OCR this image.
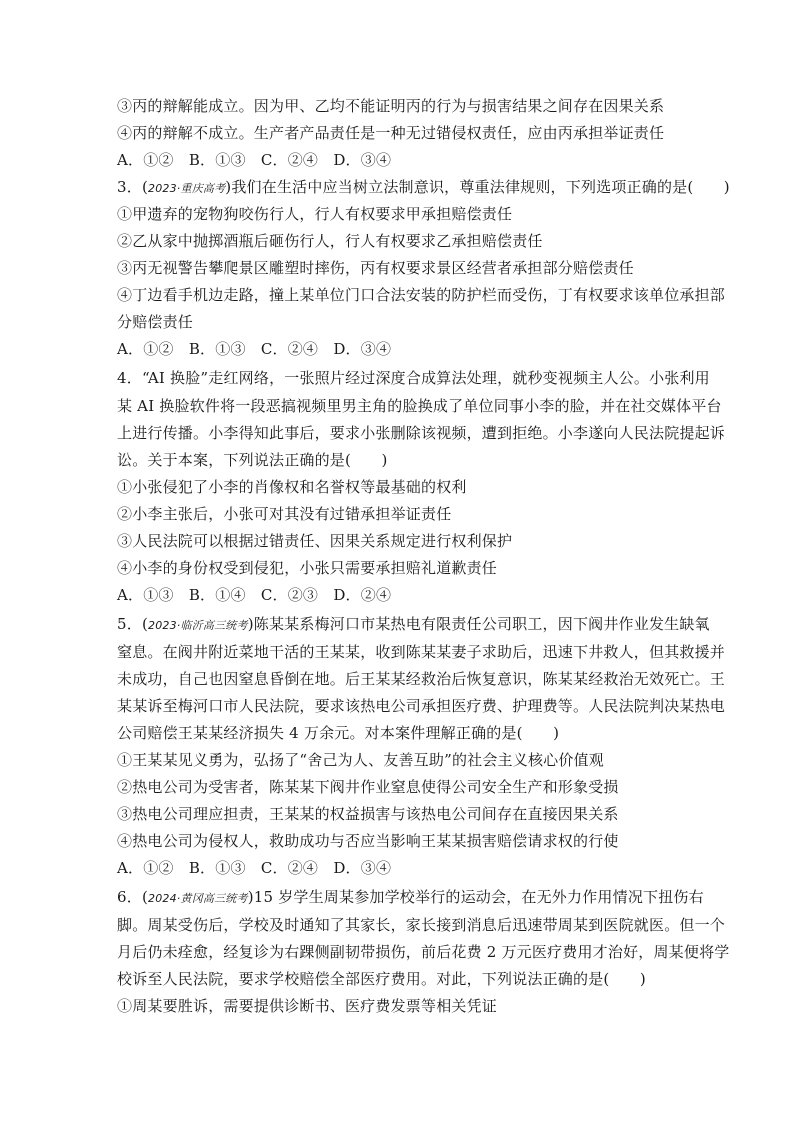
③丙的辩解能成立。因为甲、乙均不能证明丙的行为与损害结果之间存在因果关系
④丙的辩解不成立。生产者产品责任是一种无过错侵权责任，应由丙承担举证责任
A．①②　B．①③　C．②④　D．③④
3．(2023·重庆高考)我们在生活中应当树立法制意识，尊重法律规则，下列选项正确的是(　　)
①甲遗弃的宠物狗咬伤行人，行人有权要求甲承担赔偿责任
②乙从家中抛掷酒瓶后砸伤行人，行人有权要求乙承担赔偿责任
③丙无视警告攀爬景区雕塑时摔伤，丙有权要求景区经营者承担部分赔偿责任
④丁边看手机边走路，撞上某单位门口合法安装的防护栏而受伤，丁有权要求该单位承担部
分赔偿责任
A．①②　B．①③　C．②④　D．③④
4．“AI 换脸”走红网络，一张照片经过深度合成算法处理，就秒变视频主人公。小张利用
某 AI 换脸软件将一段恶搞视频里男主角的脸换成了单位同事小李的脸，并在社交媒体平台
上进行传播。小李得知此事后，要求小张删除该视频，遭到拒绝。小李遂向人民法院提起诉
讼。关于本案，下列说法正确的是(　　)
①小张侵犯了小李的肖像权和名誉权等最基础的权利
②小李主张后，小张可对其没有过错承担举证责任
③人民法院可以根据过错责任、因果关系规定进行权利保护
④小李的身份权受到侵犯，小张只需要承担赔礼道歉责任
A．①③　B．①④　C．②③　D．②④
5．(2023·临沂高三统考)陈某某系梅河口市某热电有限责任公司职工，因下阀井作业发生缺氧
窒息。在阀井附近菜地干活的王某某，收到陈某某妻子求助后，迅速下井救人，但其救援并
未成功，自己也因窒息昏倒在地。后王某某经救治后恢复意识，陈某某经救治无效死亡。王
某某诉至梅河口市人民法院，要求该热电公司承担医疗费、护理费等。人民法院判决某热电
公司赔偿王某某经济损失 4 万余元。对本案件理解正确的是(　　)
①王某某见义勇为，弘扬了“舍己为人、友善互助”的社会主义核心价值观
②热电公司为受害者，陈某某下阀井作业窒息使得公司安全生产和形象受损
③热电公司理应担责，王某某的权益损害与该热电公司间存在直接因果关系
④热电公司为侵权人，救助成功与否应当影响王某某损害赔偿请求权的行使
A．①②　B．①③　C．②④　D．③④
6．(2024·黄冈高三统考)15 岁学生周某参加学校举行的运动会，在无外力作用情况下扭伤右
脚。周某受伤后，学校及时通知了其家长，家长接到消息后迅速带周某到医院就医。但一个
月后仍未痊愈，经复诊为右踝侧副韧带损伤，前后花费 2 万元医疗费用才治好，周某便将学
校诉至人民法院，要求学校赔偿全部医疗费用。对此，下列说法正确的是(　　)
①周某要胜诉，需要提供诊断书、医疗费发票等相关凭证
